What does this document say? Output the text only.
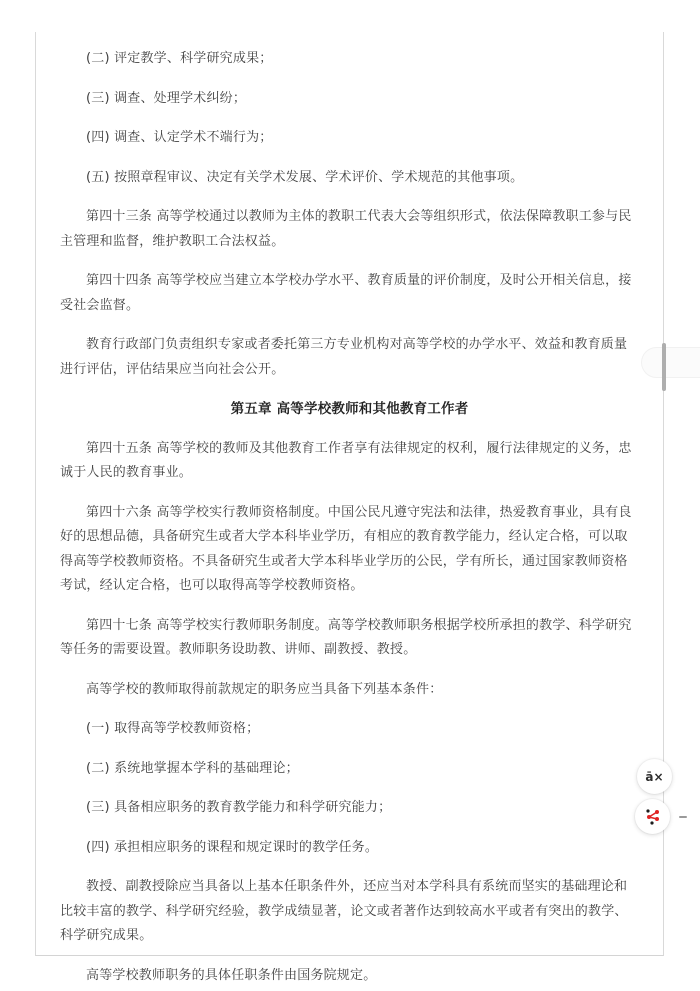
(二) 评定教学、科学研究成果；

(三) 调查、处理学术纠纷；

(四) 调查、认定学术不端行为；

(五) 按照章程审议、决定有关学术发展、学术评价、学术规范的其他事项。

第四十三条 高等学校通过以教师为主体的教职工代表大会等组织形式，依法保障教职工参与民主管理和监督，维护教职工合法权益。

第四十四条 高等学校应当建立本学校办学水平、教育质量的评价制度，及时公开相关信息，接受社会监督。

教育行政部门负责组织专家或者委托第三方专业机构对高等学校的办学水平、效益和教育质量进行评估，评估结果应当向社会公开。

第五章 高等学校教师和其他教育工作者

第四十五条 高等学校的教师及其他教育工作者享有法律规定的权利，履行法律规定的义务，忠诚于人民的教育事业。

第四十六条 高等学校实行教师资格制度。中国公民凡遵守宪法和法律，热爱教育事业，具有良好的思想品德，具备研究生或者大学本科毕业学历，有相应的教育教学能力，经认定合格，可以取得高等学校教师资格。不具备研究生或者大学本科毕业学历的公民，学有所长，通过国家教师资格考试，经认定合格，也可以取得高等学校教师资格。

第四十七条 高等学校实行教师职务制度。高等学校教师职务根据学校所承担的教学、科学研究等任务的需要设置。教师职务设助教、讲师、副教授、教授。

高等学校的教师取得前款规定的职务应当具备下列基本条件：

(一) 取得高等学校教师资格；

(二) 系统地掌握本学科的基础理论；

(三) 具备相应职务的教育教学能力和科学研究能力；

(四) 承担相应职务的课程和规定课时的教学任务。

教授、副教授除应当具备以上基本任职条件外，还应当对本学科具有系统而坚实的基础理论和比较丰富的教学、科学研究经验，教学成绩显著，论文或者著作达到较高水平或者有突出的教学、科学研究成果。

高等学校教师职务的具体任职条件由国务院规定。

ā×
